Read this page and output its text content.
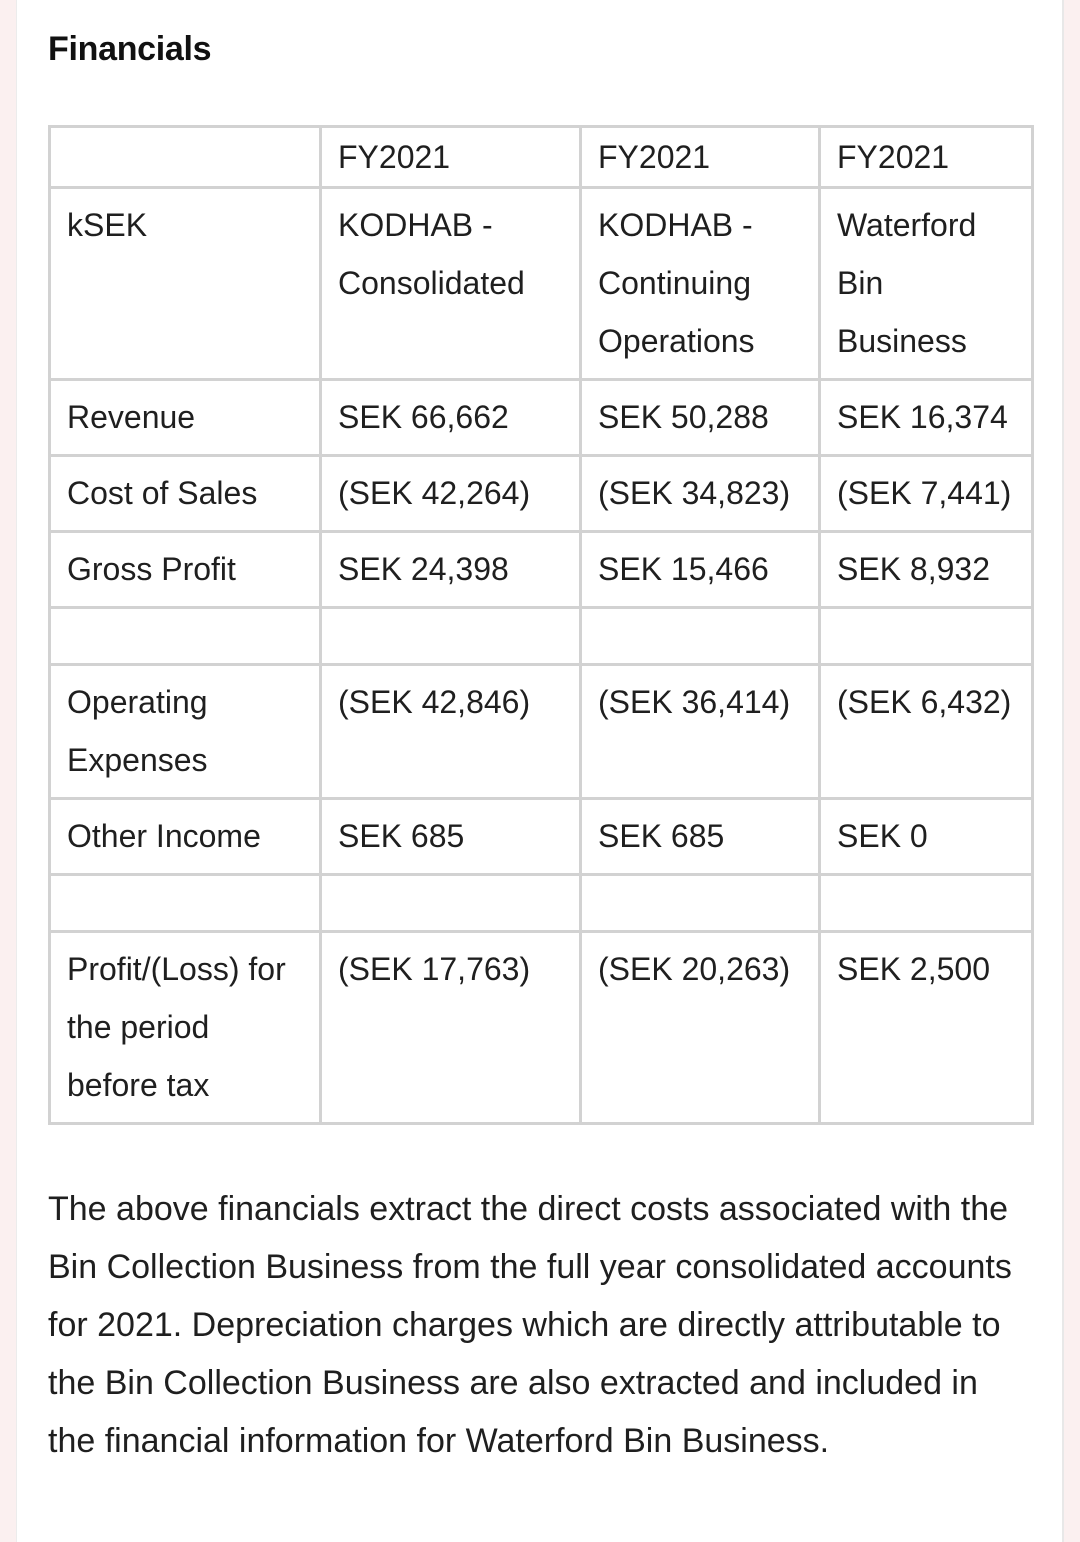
Financials
	FY2021	FY2021	FY2021
kSEK	KODHAB - Consolidated	KODHAB - Continuing Operations	Waterford Bin Business
Revenue	SEK 66,662	SEK 50,288	SEK 16,374
Cost of Sales	(SEK 42,264)	(SEK 34,823)	(SEK 7,441)
Gross Profit	SEK 24,398	SEK 15,466	SEK 8,932

Operating Expenses	(SEK 42,846)	(SEK 36,414)	(SEK 6,432)
Other Income	SEK 685	SEK 685	SEK 0

Profit/(Loss) for the period before tax	(SEK 17,763)	(SEK 20,263)	SEK 2,500

The above financials extract the direct costs associated with the Bin Collection Business from the full year consolidated accounts for 2021. Depreciation charges which are directly attributable to the Bin Collection Business are also extracted and included in the financial information for Waterford Bin Business.
